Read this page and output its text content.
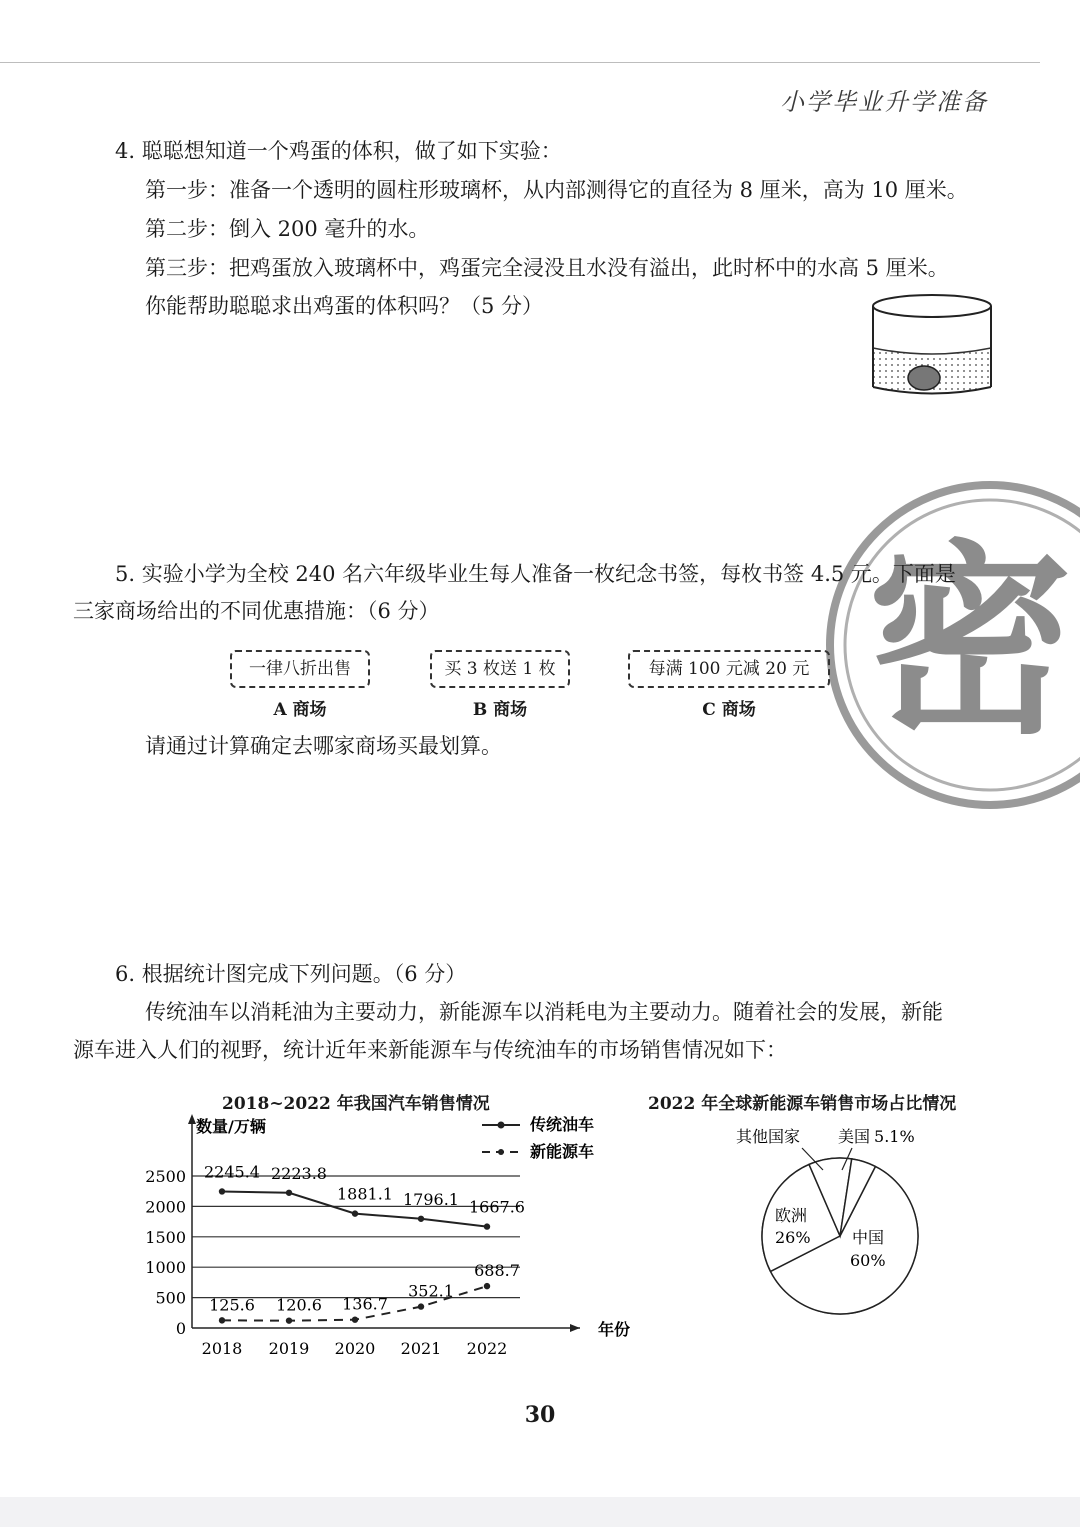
小学毕业升学准备
4. 聪聪想知道一个鸡蛋的体积，做了如下实验：
第一步：准备一个透明的圆柱形玻璃杯，从内部测得它的直径为 8 厘米，高为 10 厘米。
第二步：倒入 200 毫升的水。
第三步：把鸡蛋放入玻璃杯中，鸡蛋完全浸没且水没有溢出，此时杯中的水高 5 厘米。
你能帮助聪聪求出鸡蛋的体积吗？（5 分）
密
5. 实验小学为全校 240 名六年级毕业生每人准备一枚纪念书签，每枚书签 4.5 元。下面是
三家商场给出的不同优惠措施：（6 分）
一律八折出售	买 3 枚送 1 枚	每满 100 元减 20 元
A 商场	B 商场	C 商场
请通过计算确定去哪家商场买最划算。
6. 根据统计图完成下列问题。（6 分）
传统油车以消耗油为主要动力，新能源车以消耗电为主要动力。随着社会的发展，新能
源车进入人们的视野，统计近年来新能源车与传统油车的市场销售情况如下：
2018~2022 年我国汽车销售情况
0
500
1000
1500
2000
2500
2018 2019 2020 2021 2022
2245.4 2223.8
1881.1 1796.1 1667.6
125.6 120.6 136.7
352.1
688.7
数量/万辆
年份
传统油车
新能源车
2022 年全球新能源车销售市场占比情况
其他国家 美国 5.1%
欧洲
26%	中国
60%
30
